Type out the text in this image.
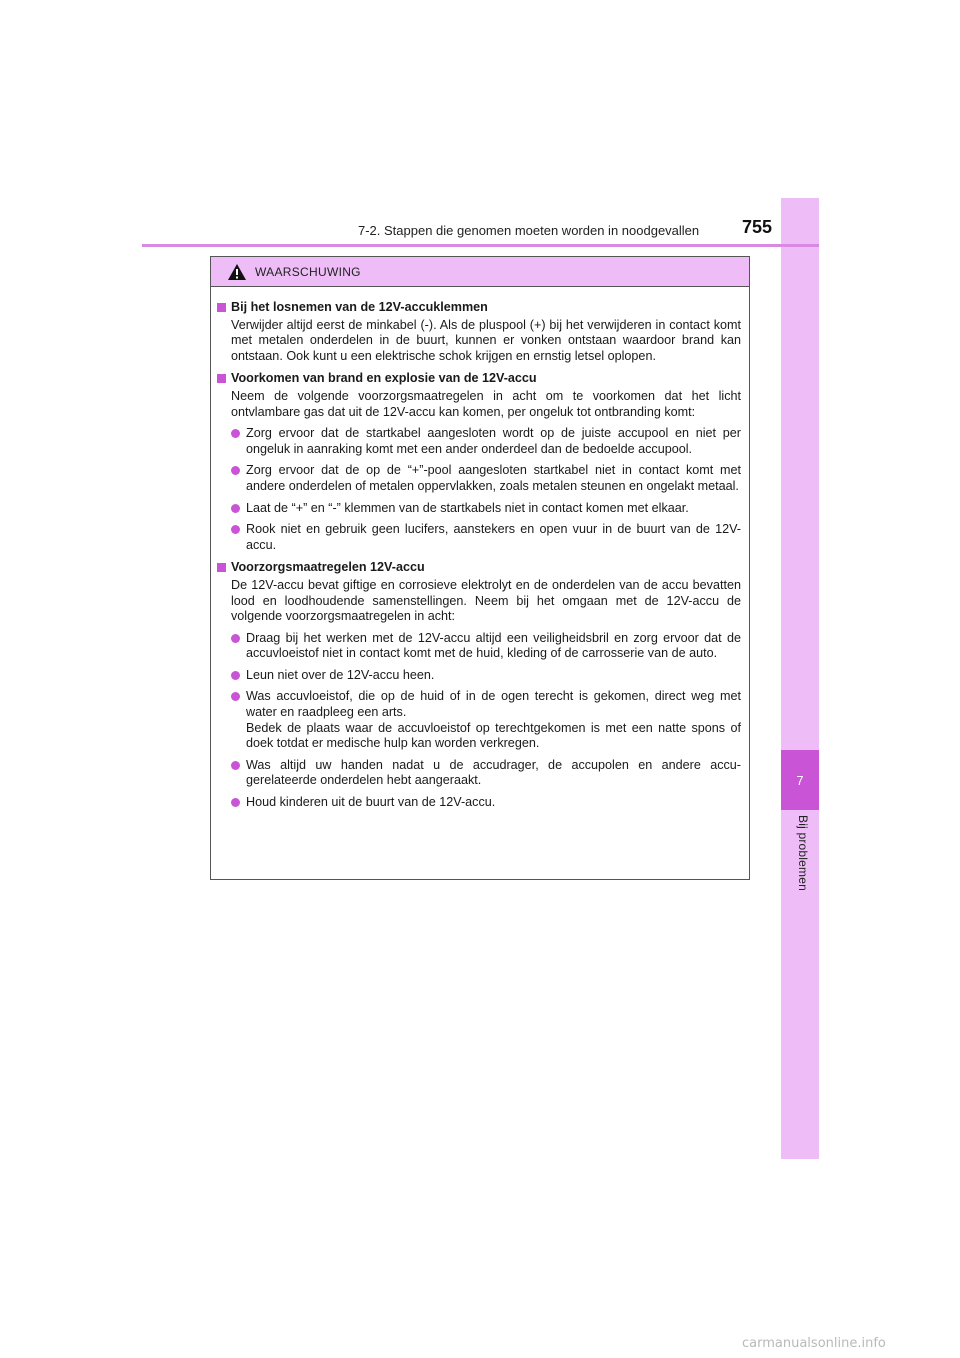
7
Bij problemen
7-2. Stappen die genomen moeten worden in noodgevallen 755
WAARSCHUWING
Bij het losnemen van de 12V-accuklemmen
Verwijder altijd eerst de minkabel (-). Als de pluspool (+) bij het verwijderen in contact komt met metalen onderdelen in de buurt, kunnen er vonken ontstaan waardoor brand kan ontstaan. Ook kunt u een elektrische schok krijgen en ernstig letsel oplopen.
Voorkomen van brand en explosie van de 12V-accu
Neem de volgende voorzorgsmaatregelen in acht om te voorkomen dat het licht ontvlambare gas dat uit de 12V-accu kan komen, per ongeluk tot ontbranding komt:
Zorg ervoor dat de startkabel aangesloten wordt op de juiste accupool en niet per ongeluk in aanraking komt met een ander onderdeel dan de bedoelde accupool.
Zorg ervoor dat de op de “+”-pool aangesloten startkabel niet in contact komt met andere onderdelen of metalen oppervlakken, zoals metalen steunen en ongelakt metaal.
Laat de “+” en “-” klemmen van de startkabels niet in contact komen met elkaar.
Rook niet en gebruik geen lucifers, aanstekers en open vuur in de buurt van de 12V-accu.
Voorzorgsmaatregelen 12V-accu
De 12V-accu bevat giftige en corrosieve elektrolyt en de onderdelen van de accu bevatten lood en loodhoudende samenstellingen. Neem bij het omgaan met de 12V-accu de volgende voorzorgsmaatregelen in acht:
Draag bij het werken met de 12V-accu altijd een veiligheidsbril en zorg ervoor dat de accuvloeistof niet in contact komt met de huid, kleding of de carrosserie van de auto.
Leun niet over de 12V-accu heen.
Was accuvloeistof, die op de huid of in de ogen terecht is gekomen, direct weg met water en raadpleeg een arts.
Bedek de plaats waar de accuvloeistof op terechtgekomen is met een natte spons of doek totdat er medische hulp kan worden verkregen.
Was altijd uw handen nadat u de accudrager, de accupolen en andere accu-gerelateerde onderdelen hebt aangeraakt.
Houd kinderen uit de buurt van de 12V-accu.
carmanualsonline.info
